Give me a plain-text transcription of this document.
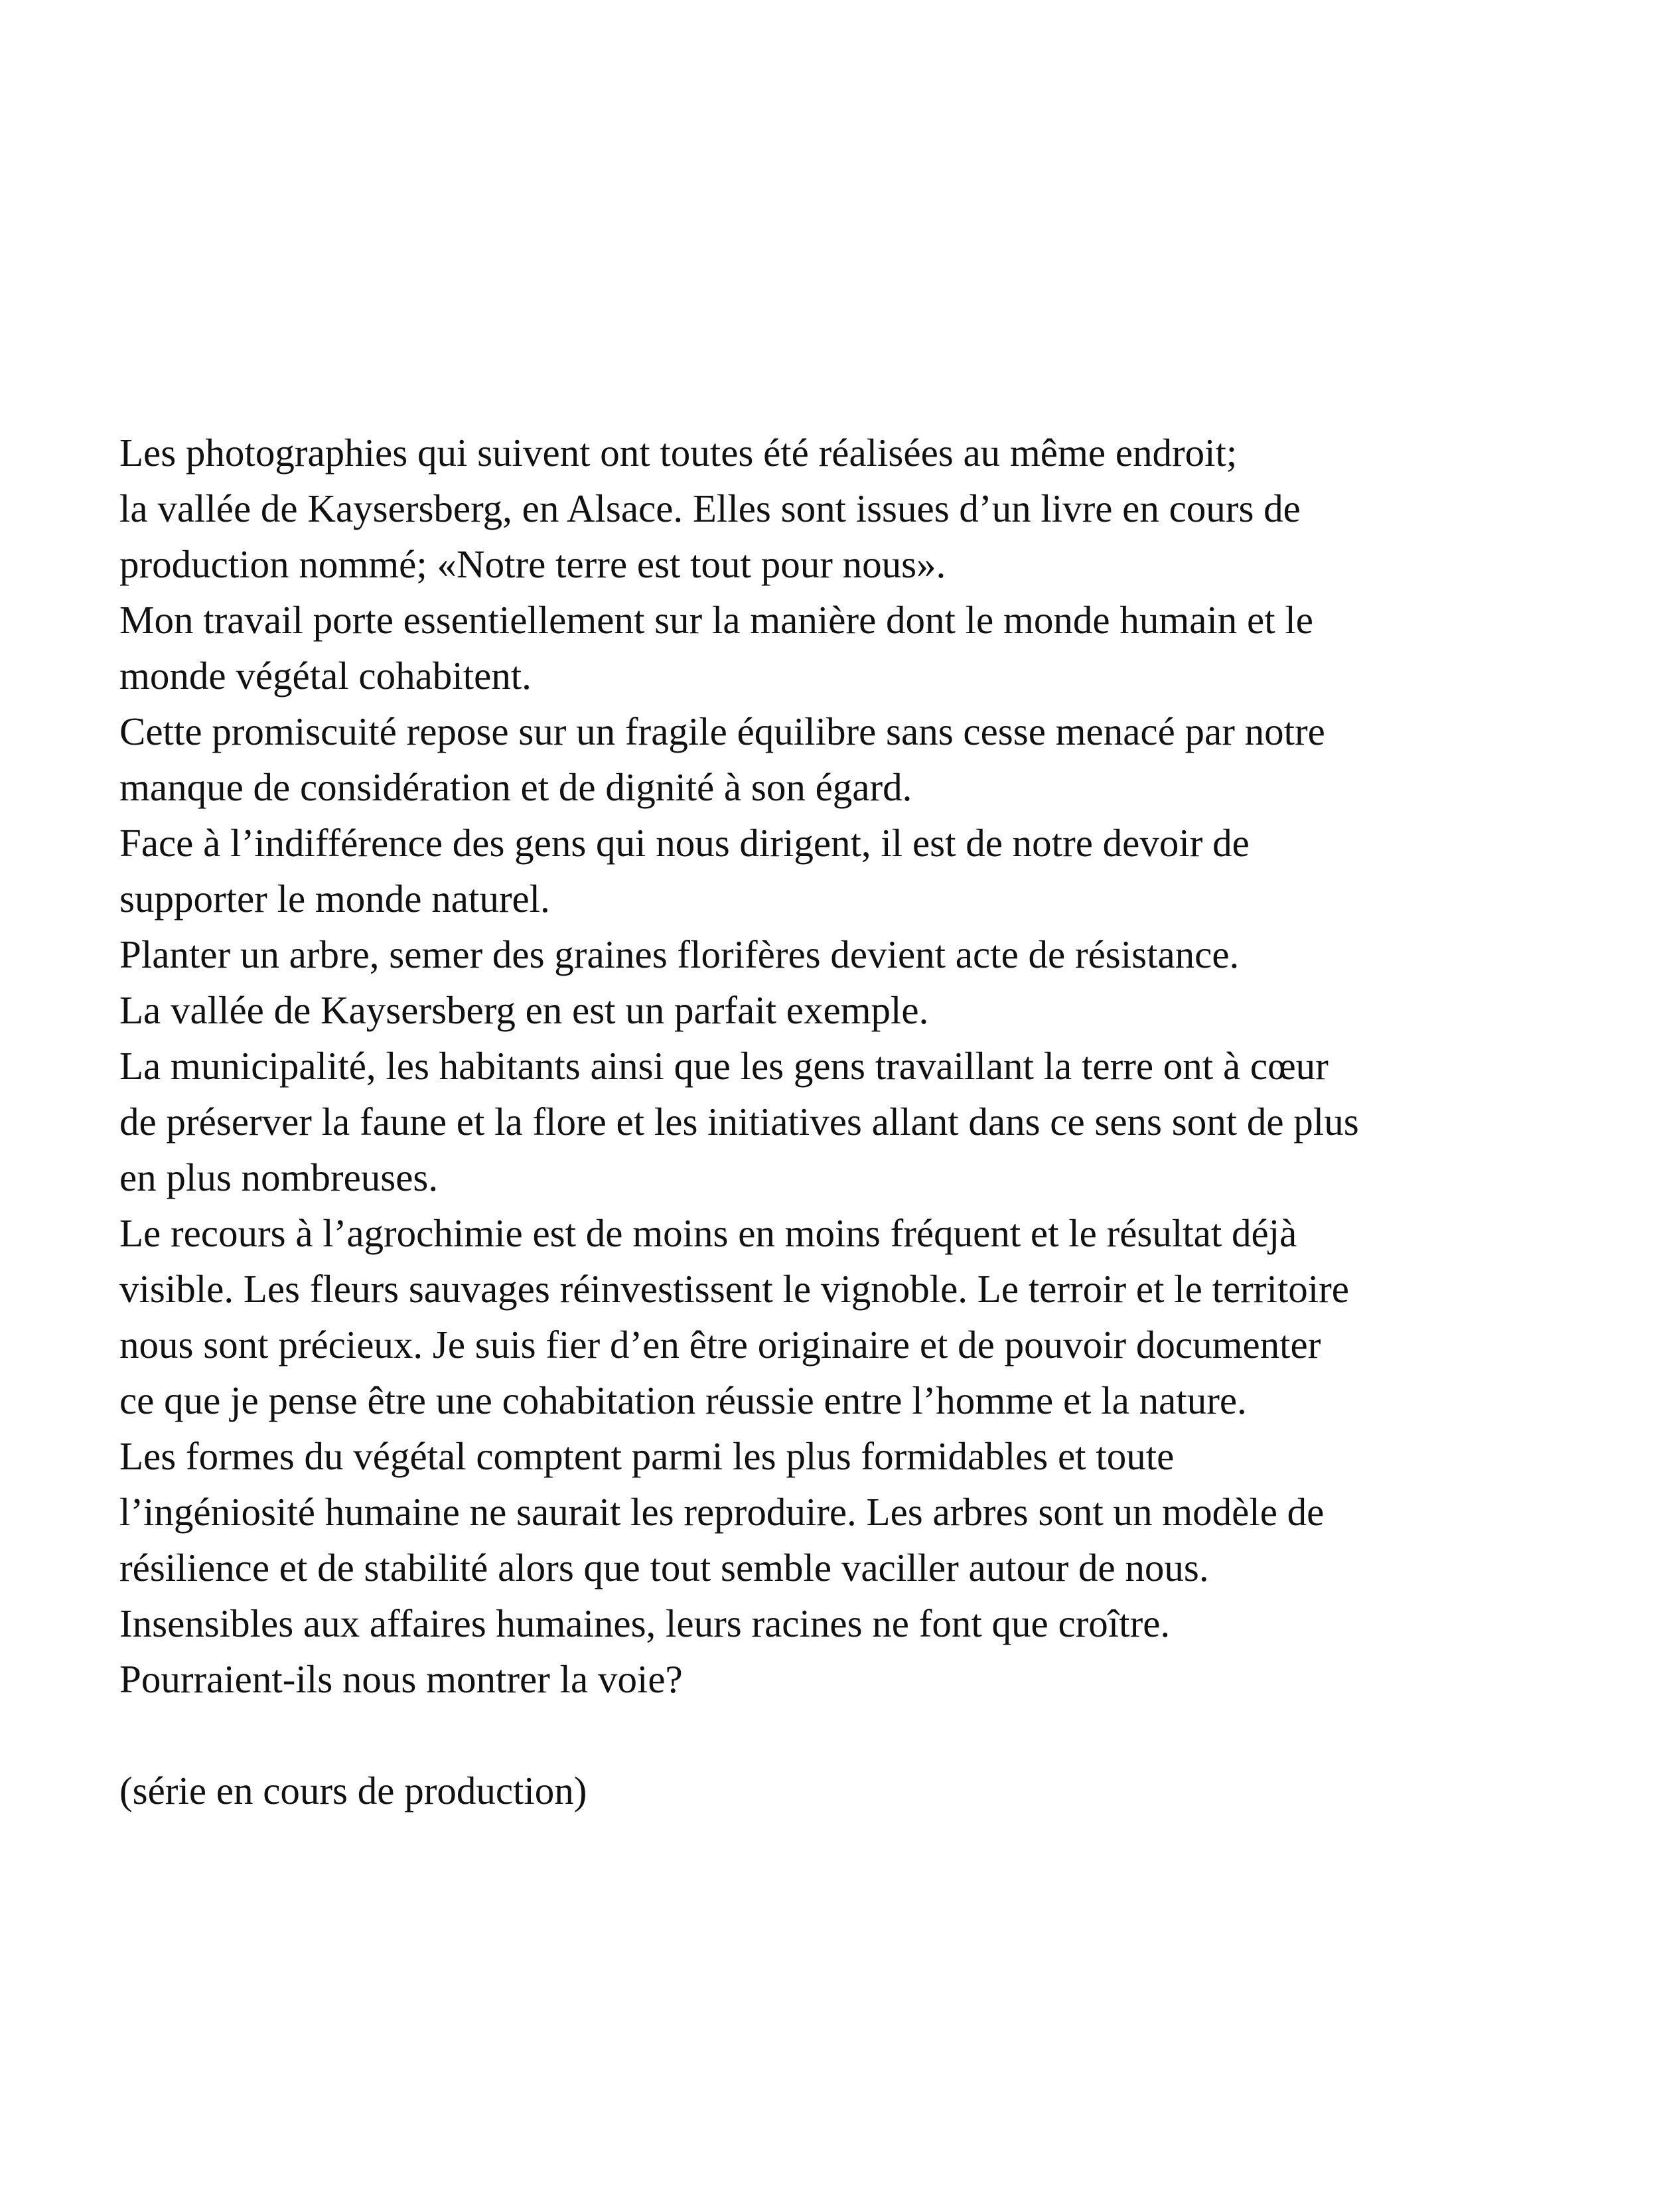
Les photographies qui suivent ont toutes été réalisées au même endroit;

la vallée de Kaysersberg, en Alsace. Elles sont issues d’un livre en cours de

production nommé; «Notre terre est tout pour nous».

Mon travail porte essentiellement sur la manière dont le monde humain et le

monde végétal cohabitent.

Cette promiscuité repose sur un fragile équilibre sans cesse menacé par notre

manque de considération et de dignité à son égard.

Face à l’indifférence des gens qui nous dirigent, il est de notre devoir de

supporter le monde naturel.

Planter un arbre, semer des graines florifères devient acte de résistance.

La vallée de Kaysersberg en est un parfait exemple.

La municipalité, les habitants ainsi que les gens travaillant la terre ont à cœur

de préserver la faune et la flore et les initiatives allant dans ce sens sont de plus

en plus nombreuses.

Le recours à l’agrochimie est de moins en moins fréquent et le résultat déjà

visible. Les fleurs sauvages réinvestissent le vignoble. Le terroir et le territoire

nous sont précieux. Je suis fier d’en être originaire et de pouvoir documenter

ce que je pense être une cohabitation réussie entre l’homme et la nature.

Les formes du végétal comptent parmi les plus formidables et toute

l’ingéniosité humaine ne saurait les reproduire. Les arbres sont un modèle de

résilience et de stabilité alors que tout semble vaciller autour de nous.

Insensibles aux affaires humaines, leurs racines ne font que croître.

Pourraient-ils nous montrer la voie?

(série en cours de production)
